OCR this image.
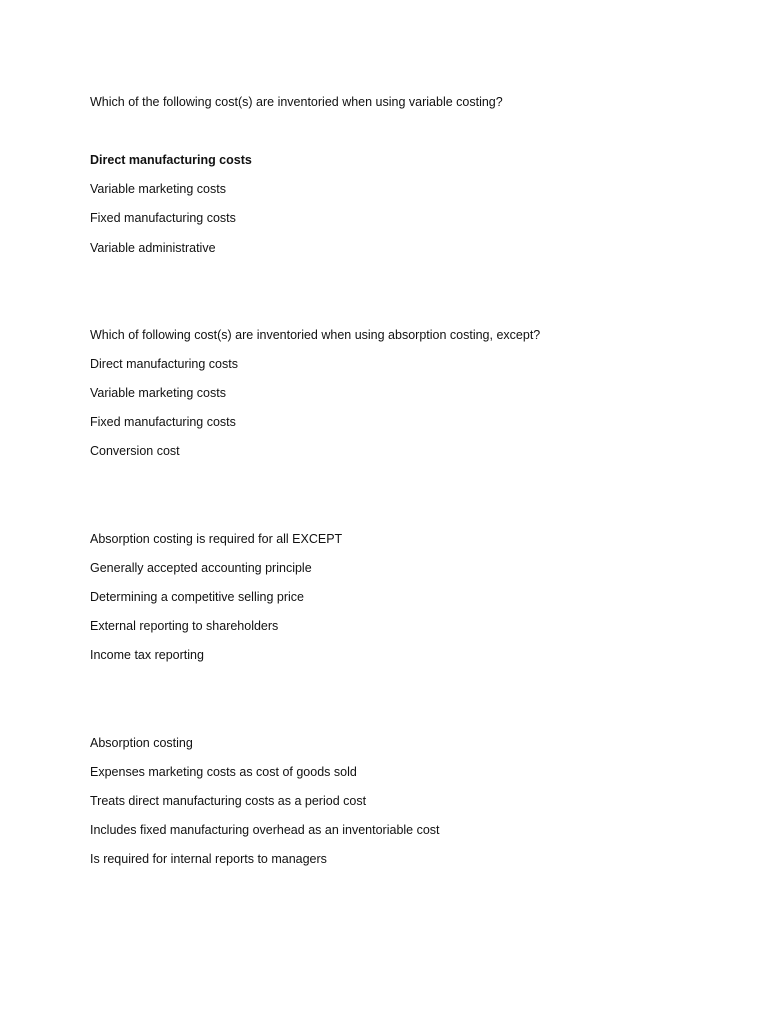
Which of the following cost(s) are inventoried when using variable costing?
Direct manufacturing costs
Variable marketing costs
Fixed manufacturing costs
Variable administrative
Which of following cost(s) are inventoried when using absorption costing, except?
Direct manufacturing costs
Variable marketing costs
Fixed manufacturing costs
Conversion cost
Absorption costing is required for all EXCEPT
Generally accepted accounting principle
Determining a competitive selling price
External reporting to shareholders
Income tax reporting
Absorption costing
Expenses marketing costs as cost of goods sold
Treats direct manufacturing costs as a period cost
Includes fixed manufacturing overhead as an inventoriable cost
Is required for internal reports to managers
